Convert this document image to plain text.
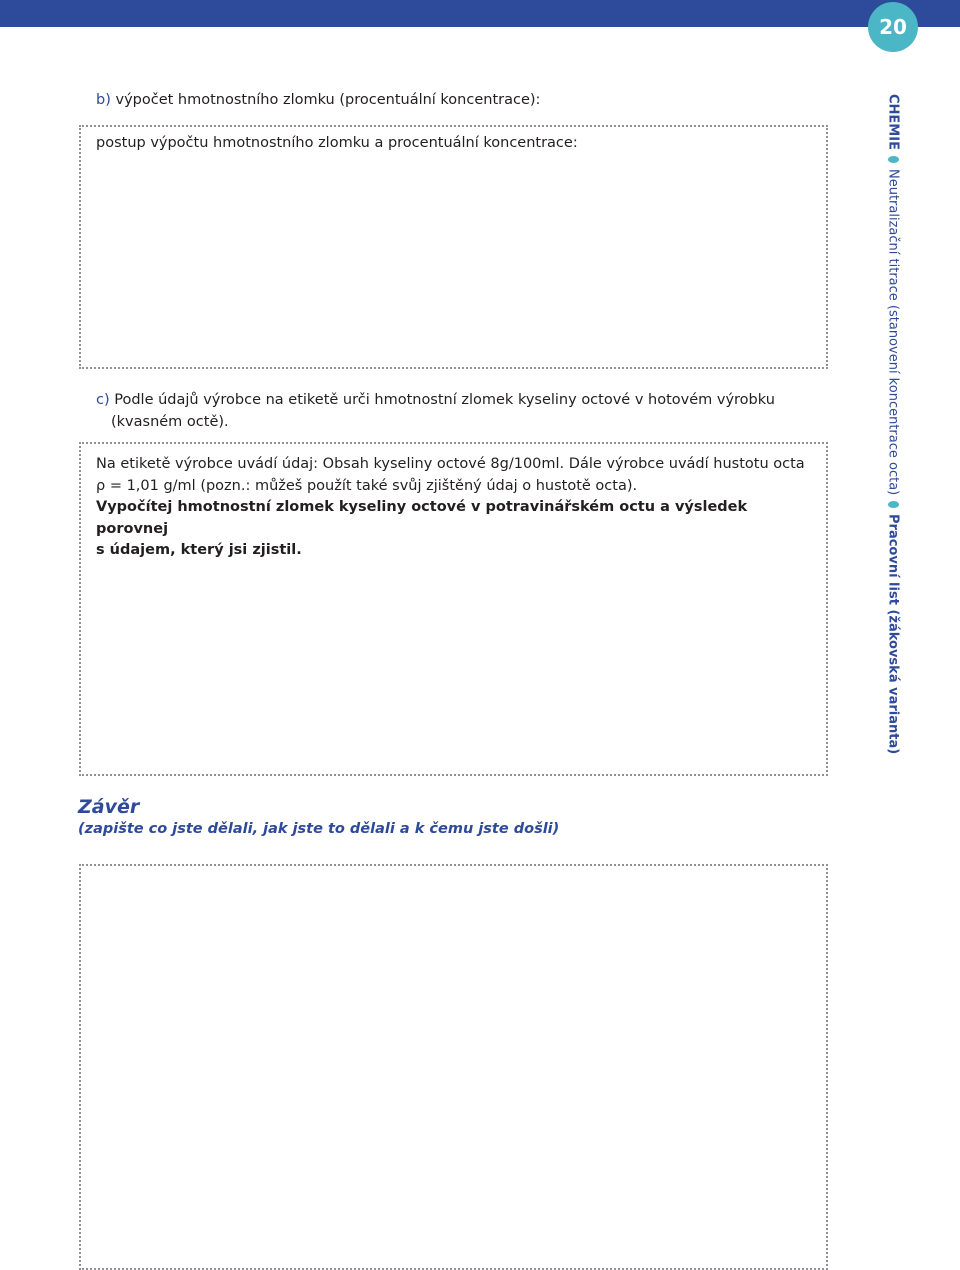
20
b) výpočet hmotnostního zlomku (procentuální koncentrace):
postup výpočtu hmotnostního zlomku a procentuální koncentrace:
c) Podle údajů výrobce na etiketě urči hmotnostní zlomek kyseliny octové v hotovém výrobku
(kvasném octě).
Na etiketě výrobce uvádí údaj: Obsah kyseliny octové 8g/100ml. Dále výrobce uvádí hustotu octa
ρ = 1,01 g/ml (pozn.: můžeš použít také svůj zjištěný údaj o hustotě octa).
Vypočítej hmotnostní zlomek kyseliny octové v potravinářském octu a výsledek porovnej
s údajem, který jsi zjistil.
Závěr
(zapište co jste dělali, jak jste to dělali a k čemu jste došli)
CHEMIE
Neutralizační titrace (stanovení koncentrace octa)
Pracovní list (žákovská varianta)
